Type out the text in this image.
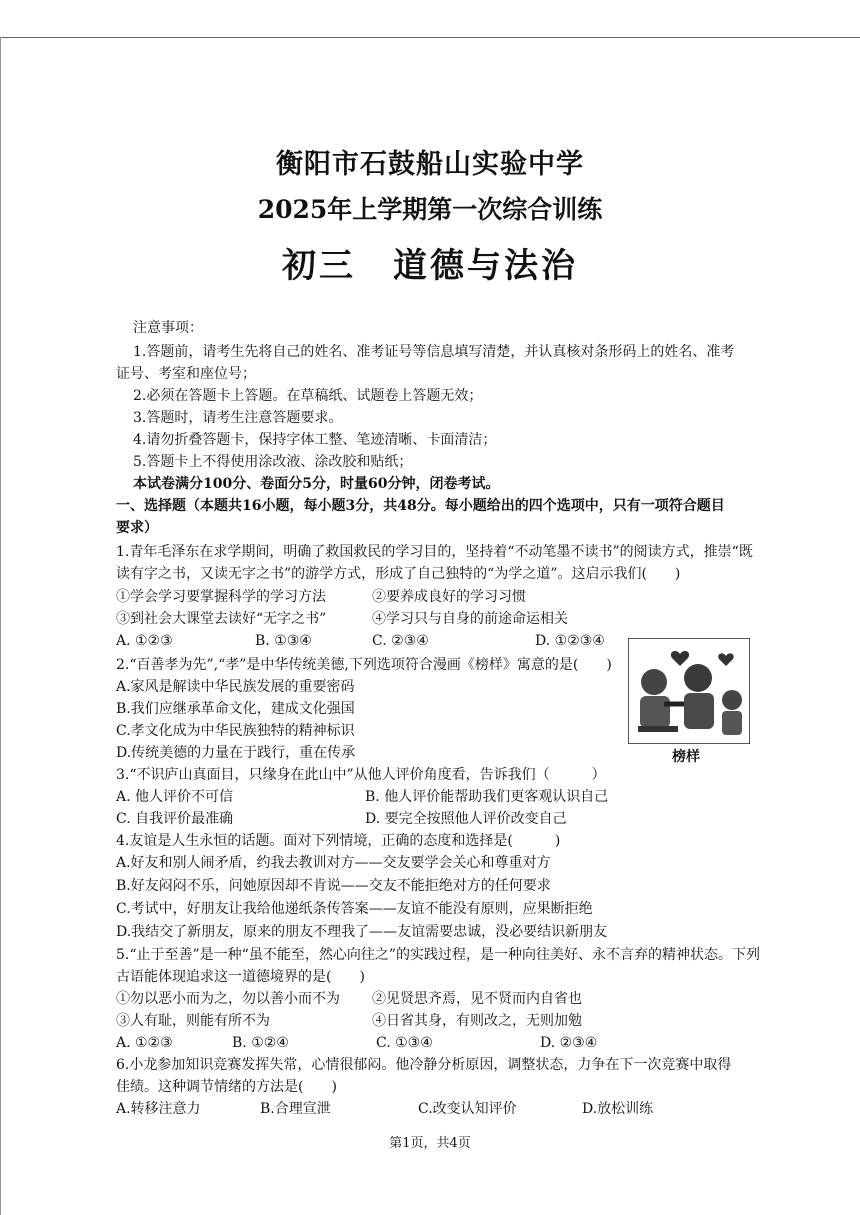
衡阳市石鼓船山实验中学
2025年上学期第一次综合训练
初三　道德与法治
注意事项：
1.答题前，请考生先将自己的姓名、准考证号等信息填写清楚，并认真核对条形码上的姓名、准考
证号、考室和座位号；
2.必须在答题卡上答题。在草稿纸、试题卷上答题无效；
3.答题时，请考生注意答题要求。
4.请勿折叠答题卡，保持字体工整、笔迹清晰、卡面清洁；
5.答题卡上不得使用涂改液、涂改胶和贴纸；
本试卷满分100分、卷面分5分，时量60分钟，闭卷考试。
一、选择题（本题共16小题，每小题3分，共48分。每小题给出的四个选项中，只有一项符合题目
要求）
1.青年毛泽东在求学期间，明确了救国救民的学习目的，坚持着“不动笔墨不读书”的阅读方式，推崇“既
读有字之书，又读无字之书”的游学方式，形成了自己独特的“为学之道”。这启示我们(　　)
①学会学习要掌握科学的学习方法	②要养成良好的学习习惯
③到社会大课堂去读好“无字之书”	④学习只与自身的前途命运相关
A. ①②③	B. ①③④	C. ②③④	D. ①②③④
2.“百善孝为先”,“孝”是中华传统美德,下列选项符合漫画《榜样》寓意的是(　　)
A.家风是解读中华民族发展的重要密码
B.我们应继承革命文化，建成文化强国
C.孝文化成为中华民族独特的精神标识
D.传统美德的力量在于践行，重在传承	榜样
3.“不识庐山真面目，只缘身在此山中”从他人评价角度看，告诉我们（　　　）
A. 他人评价不可信	B. 他人评价能帮助我们更客观认识自己
C. 自我评价最准确	D. 要完全按照他人评价改变自己
4.友谊是人生永恒的话题。面对下列情境，正确的态度和选择是(　　　)
A.好友和别人闹矛盾，约我去教训对方——交友要学会关心和尊重对方
B.好友闷闷不乐，问她原因却不肯说——交友不能拒绝对方的任何要求
C.考试中，好朋友让我给他递纸条传答案——友谊不能没有原则，应果断拒绝
D.我结交了新朋友，原来的朋友不理我了——友谊需要忠诚，没必要结识新朋友
5.“止于至善”是一种“虽不能至，然心向往之”的实践过程，是一种向往美好、永不言弃的精神状态。下列
古语能体现追求这一道德境界的是(　　)
①勿以恶小而为之，勿以善小而不为 ②见贤思齐焉，见不贤而内自省也
③人有耻，则能有所不为	④日省其身，有则改之，无则加勉
A. ①②③	B. ①②④	C. ①③④	D. ②③④
6.小龙参加知识竞赛发挥失常，心情很郁闷。他冷静分析原因，调整状态，力争在下一次竞赛中取得
佳绩。这种调节情绪的方法是(　　)
A.转移注意力	B.合理宣泄	C.改变认知评价	D.放松训练
第1页，共4页
